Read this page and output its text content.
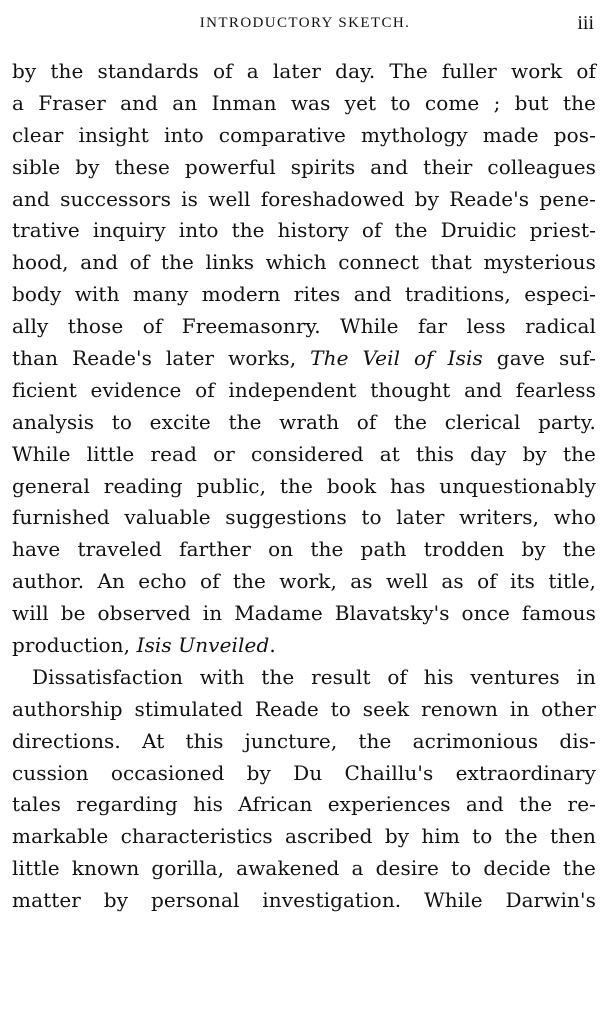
INTRODUCTORY SKETCH.	iii
by the standards of a later day. The fuller work of
a Fraser and an Inman was yet to come ; but the
clear insight into comparative mythology made pos-
sible by these powerful spirits and their colleagues
and successors is well foreshadowed by Reade's pene-
trative inquiry into the history of the Druidic priest-
hood, and of the links which connect that mysterious
body with many modern rites and traditions, especi-
ally those of Freemasonry. While far less radical
than Reade's later works, The Veil of Isis gave suf-
ficient evidence of independent thought and fearless
analysis to excite the wrath of the clerical party.
While little read or considered at this day by the
general reading public, the book has unquestionably
furnished valuable suggestions to later writers, who
have traveled farther on the path trodden by the
author. An echo of the work, as well as of its title,
will be observed in Madame Blavatsky's once famous
production, Isis Unveiled.
Dissatisfaction with the result of his ventures in
authorship stimulated Reade to seek renown in other
directions. At this juncture, the acrimonious dis-
cussion occasioned by Du Chaillu's extraordinary
tales regarding his African experiences and the re-
markable characteristics ascribed by him to the then
little known gorilla, awakened a desire to decide the
matter by personal investigation. While Darwin's
